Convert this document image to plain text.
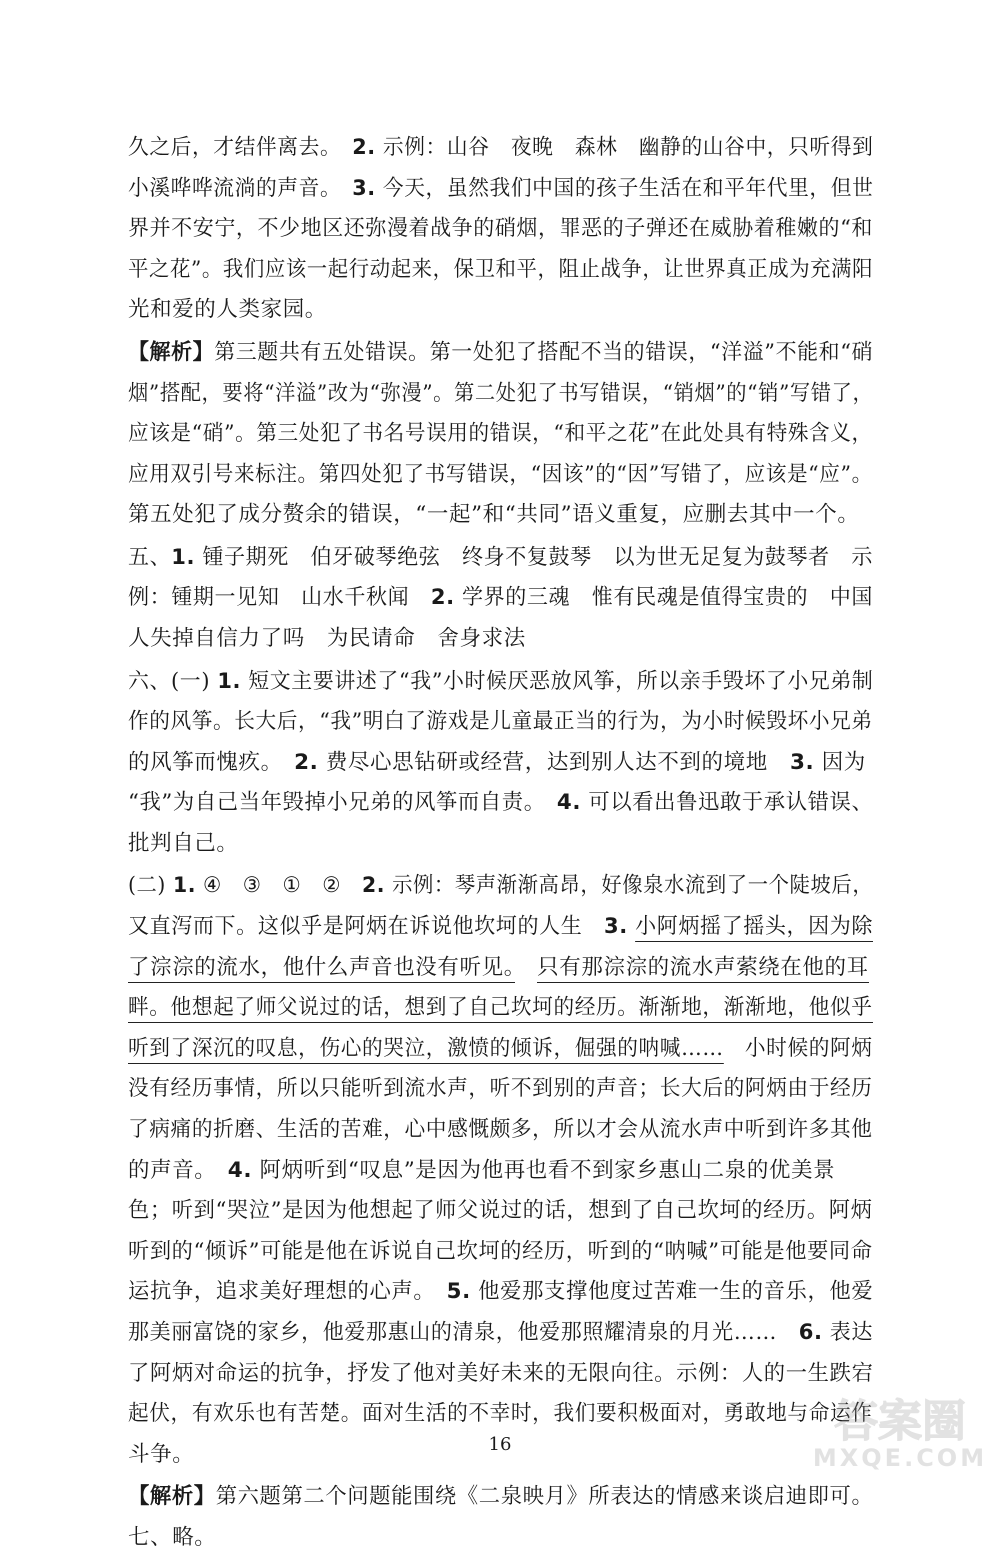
久之后，才结伴离去。　2. 示例：山谷　夜晚　森林　幽静的山谷中，只听得到
小溪哗哗流淌的声音。　3. 今天，虽然我们中国的孩子生活在和平年代里，但世
界并不安宁，不少地区还弥漫着战争的硝烟，罪恶的子弹还在威胁着稚嫩的“和
平之花”。我们应该一起行动起来，保卫和平，阻止战争，让世界真正成为充满阳
光和爱的人类家园。
【解析】第三题共有五处错误。第一处犯了搭配不当的错误，“洋溢”不能和“硝
烟”搭配，要将“洋溢”改为“弥漫”。第二处犯了书写错误，“销烟”的“销”写错了，
应该是“硝”。第三处犯了书名号误用的错误，“和平之花”在此处具有特殊含义，
应用双引号来标注。第四处犯了书写错误，“因该”的“因”写错了，应该是“应”。
第五处犯了成分赘余的错误，“一起”和“共同”语义重复，应删去其中一个。
五、1. 锺子期死　伯牙破琴绝弦　终身不复鼓琴　以为世无足复为鼓琴者　示
例：锺期一见知　山水千秋闻　2. 学界的三魂　惟有民魂是值得宝贵的　中国
人失掉自信力了吗　为民请命　舍身求法
六、(一) 1. 短文主要讲述了“我”小时候厌恶放风筝，所以亲手毁坏了小兄弟制
作的风筝。长大后，“我”明白了游戏是儿童最正当的行为，为小时候毁坏小兄弟
的风筝而愧疚。　2. 费尽心思钻研或经营，达到别人达不到的境地　3. 因为
“我”为自己当年毁掉小兄弟的风筝而自责。　4. 可以看出鲁迅敢于承认错误、
批判自己。
(二) 1. ④　③　①　②　2. 示例：琴声渐渐高昂，好像泉水流到了一个陡坡后，
又直泻而下。这似乎是阿炳在诉说他坎坷的人生　3. 小阿炳摇了摇头，因为除
了淙淙的流水，他什么声音也没有听见。　 只有那淙淙的流水声萦绕在他的耳
畔。他想起了师父说过的话，想到了自己坎坷的经历。渐渐地，渐渐地，他似乎
听到了深沉的叹息，伤心的哭泣，激愤的倾诉，倔强的呐喊……　小时候的阿炳
没有经历事情，所以只能听到流水声，听不到别的声音；长大后的阿炳由于经历
了病痛的折磨、生活的苦难，心中感慨颇多，所以才会从流水声中听到许多其他
的声音。　4. 阿炳听到“叹息”是因为他再也看不到家乡惠山二泉的优美景
色；听到“哭泣”是因为他想起了师父说过的话，想到了自己坎坷的经历。阿炳
听到的“倾诉”可能是他在诉说自己坎坷的经历，听到的“呐喊”可能是他要同命
运抗争，追求美好理想的心声。　5. 他爱那支撑他度过苦难一生的音乐，他爱
那美丽富饶的家乡，他爱那惠山的清泉，他爱那照耀清泉的月光……　6. 表达
了阿炳对命运的抗争，抒发了他对美好未来的无限向往。示例：人的一生跌宕
起伏，有欢乐也有苦楚。面对生活的不幸时，我们要积极面对，勇敢地与命运作
斗争。
【解析】第六题第二个问题能围绕《二泉映月》所表达的情感来谈启迪即可。
七、略。
16	答案圈
MXQE.COM
